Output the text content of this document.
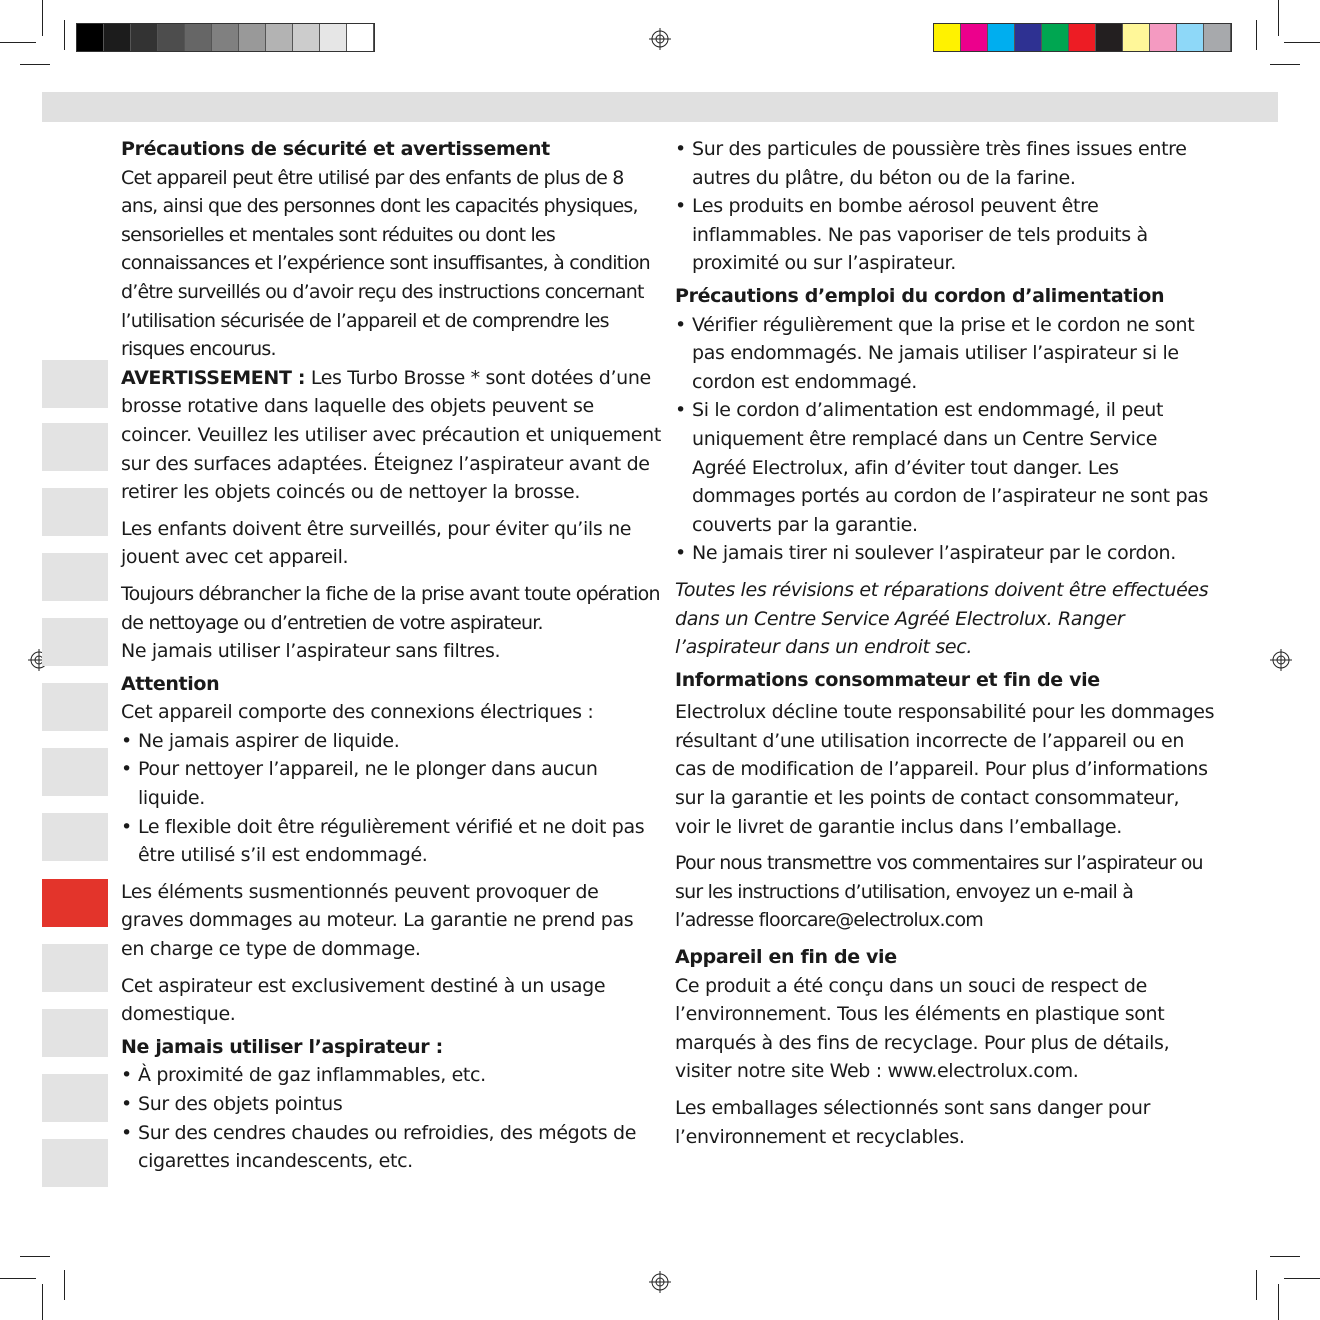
Précautions de sécurité et avertissement

Cet appareil peut être utilisé par des enfants de plus de 8 ans, ainsi que des personnes dont les capacités physiques, sensorielles et mentales sont réduites ou dont les connaissances et l’expérience sont insuffisantes, à condition d’être surveillés ou d’avoir reçu des instructions concernant l’utilisation sécurisée de l’appareil et de comprendre les risques encourus.

AVERTISSEMENT : Les Turbo Brosse * sont dotées d’une brosse rotative dans laquelle des objets peuvent se coincer. Veuillez les utiliser avec précaution et uniquement sur des surfaces adaptées. Éteignez l’aspirateur avant de retirer les objets coincés ou de nettoyer la brosse.

Les enfants doivent être surveillés, pour éviter qu’ils ne jouent avec cet appareil.

Toujours débrancher la fiche de la prise avant toute opération de nettoyage ou d’entretien de votre aspirateur.

Ne jamais utiliser l’aspirateur sans filtres.

Attention

Cet appareil comporte des connexions électriques :

• Ne jamais aspirer de liquide.
• Pour nettoyer l’appareil, ne le plonger dans aucun liquide.
• Le flexible doit être régulièrement vérifié et ne doit pas être utilisé s’il est endommagé.

Les éléments susmentionnés peuvent provoquer de graves dommages au moteur. La garantie ne prend pas en charge ce type de dommage.

Cet aspirateur est exclusivement destiné à un usage domestique.

Ne jamais utiliser l’aspirateur :

• À proximité de gaz inflammables, etc.
• Sur des objets pointus
• Sur des cendres chaudes ou refroidies, des mégots de cigarettes incandescents, etc.
• Sur des particules de poussière très fines issues entre autres du plâtre, du béton ou de la farine.
• Les produits en bombe aérosol peuvent être inflammables. Ne pas vaporiser de tels produits à proximité ou sur l’aspirateur.

Précautions d’emploi du cordon d’alimentation

• Vérifier régulièrement que la prise et le cordon ne sont pas endommagés. Ne jamais utiliser l’aspirateur si le cordon est endommagé.
• Si le cordon d’alimentation est endommagé, il peut uniquement être remplacé dans un Centre Service Agréé Electrolux, afin d’éviter tout danger. Les dommages portés au cordon de l’aspirateur ne sont pas couverts par la garantie.
• Ne jamais tirer ni soulever l’aspirateur par le cordon.

Toutes les révisions et réparations doivent être effectuées dans un Centre Service Agréé Electrolux. Ranger l’aspirateur dans un endroit sec.

Informations consommateur et fin de vie

Electrolux décline toute responsabilité pour les dommages résultant d’une utilisation incorrecte de l’appareil ou en cas de modification de l’appareil. Pour plus d’informations sur la garantie et les points de contact consommateur, voir le livret de garantie inclus dans l’emballage.

Pour nous transmettre vos commentaires sur l’aspirateur ou sur les instructions d’utilisation, envoyez un e-mail à l’adresse floorcare@electrolux.com

Appareil en fin de vie

Ce produit a été conçu dans un souci de respect de l’environnement. Tous les éléments en plastique sont marqués à des fins de recyclage. Pour plus de détails, visiter notre site Web : www.electrolux.com.

Les emballages sélectionnés sont sans danger pour l’environnement et recyclables.
